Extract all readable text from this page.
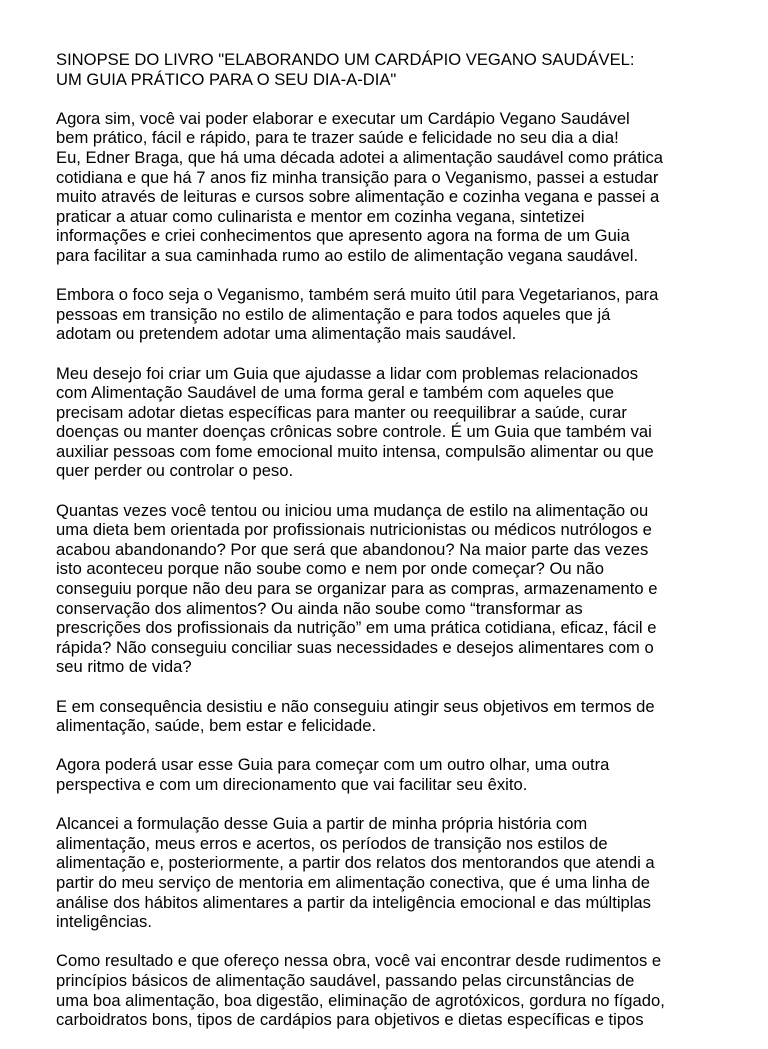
SINOPSE DO LIVRO "ELABORANDO UM CARDÁPIO VEGANO SAUDÁVEL:
UM GUIA PRÁTICO PARA O SEU DIA-A-DIA"
Agora sim, você vai poder elaborar e executar um Cardápio Vegano Saudável
bem prático, fácil e rápido, para te trazer saúde e felicidade no seu dia a dia!
Eu, Edner Braga, que há uma década adotei a alimentação saudável como prática
cotidiana e que há 7 anos fiz minha transição para o Veganismo, passei a estudar
muito através de leituras e cursos sobre alimentação e cozinha vegana e passei a
praticar a atuar como culinarista e mentor em cozinha vegana, sintetizei
informações e criei conhecimentos que apresento agora na forma de um Guia
para facilitar a sua caminhada rumo ao estilo de alimentação vegana saudável.
Embora o foco seja o Veganismo, também será muito útil para Vegetarianos, para
pessoas em transição no estilo de alimentação e para todos aqueles que já
adotam ou pretendem adotar uma alimentação mais saudável.
Meu desejo foi criar um Guia que ajudasse a lidar com problemas relacionados
com Alimentação Saudável de uma forma geral e também com aqueles que
precisam adotar dietas específicas para manter ou reequilibrar a saúde, curar
doenças ou manter doenças crônicas sobre controle. É um Guia que também vai
auxiliar pessoas com fome emocional muito intensa, compulsão alimentar ou que
quer perder ou controlar o peso.
Quantas vezes você tentou ou iniciou uma mudança de estilo na alimentação ou
uma dieta bem orientada por profissionais nutricionistas ou médicos nutrólogos e
acabou abandonando? Por que será que abandonou? Na maior parte das vezes
isto aconteceu porque não soube como e nem por onde começar? Ou não
conseguiu porque não deu para se organizar para as compras, armazenamento e
conservação dos alimentos? Ou ainda não soube como “transformar as
prescrições dos profissionais da nutrição” em uma prática cotidiana, eficaz, fácil e
rápida? Não conseguiu conciliar suas necessidades e desejos alimentares com o
seu ritmo de vida?
E em consequência desistiu e não conseguiu atingir seus objetivos em termos de
alimentação, saúde, bem estar e felicidade.
Agora poderá usar esse Guia para começar com um outro olhar, uma outra
perspectiva e com um direcionamento que vai facilitar seu êxito.
Alcancei a formulação desse Guia a partir de minha própria história com
alimentação, meus erros e acertos, os períodos de transição nos estilos de
alimentação e, posteriormente, a partir dos relatos dos mentorandos que atendi a
partir do meu serviço de mentoria em alimentação conectiva, que é uma linha de
análise dos hábitos alimentares a partir da inteligência emocional e das múltiplas
inteligências.
Como resultado e que ofereço nessa obra, você vai encontrar desde rudimentos e
princípios básicos de alimentação saudável, passando pelas circunstâncias de
uma boa alimentação, boa digestão, eliminação de agrotóxicos, gordura no fígado,
carboidratos bons, tipos de cardápios para objetivos e dietas específicas e tipos
